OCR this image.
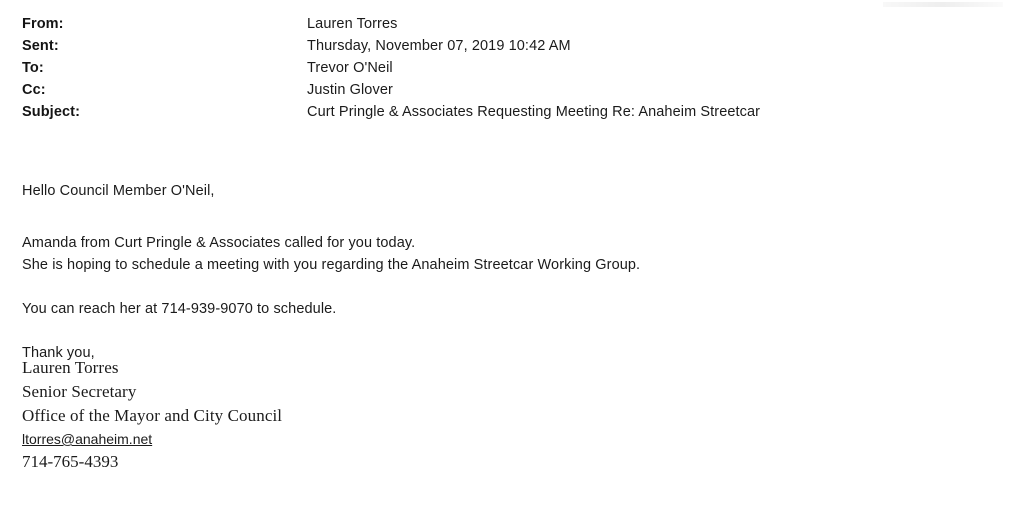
From:	Lauren Torres
Sent:	Thursday, November 07, 2019 10:42 AM
To:	Trevor O'Neil
Cc:	Justin Glover
Subject:	Curt Pringle & Associates Requesting Meeting Re: Anaheim Streetcar

Hello Council Member O'Neil,

Amanda from Curt Pringle & Associates called for you today.

She is hoping to schedule a meeting with you regarding the Anaheim Streetcar Working Group.

You can reach her at 714-939-9070 to schedule.

Thank you,

Lauren Torres
Senior Secretary
Office of the Mayor and City Council
ltorres@anaheim.net
714-765-4393
